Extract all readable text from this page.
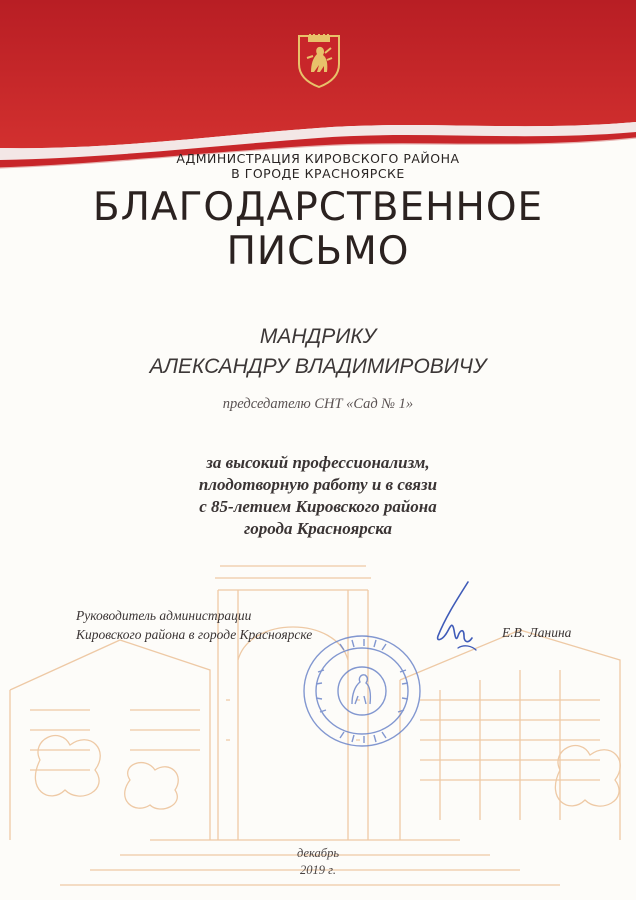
АДМИНИСТРАЦИЯ КИРОВСКОГО РАЙОНА
В ГОРОДЕ КРАСНОЯРСКЕ
БЛАГОДАРСТВЕННОЕ
ПИСЬМО
МАНДРИКУ
АЛЕКСАНДРУ ВЛАДИМИРОВИЧУ
председателю СНТ «Сад № 1»
за высокий профессионализм,
плодотворную работу и в связи
с 85-летием Кировского района
города Красноярска
Руководитель администрации
Кировского района в городе Красноярске	Е.В. Ланина
декабрь
2019 г.
